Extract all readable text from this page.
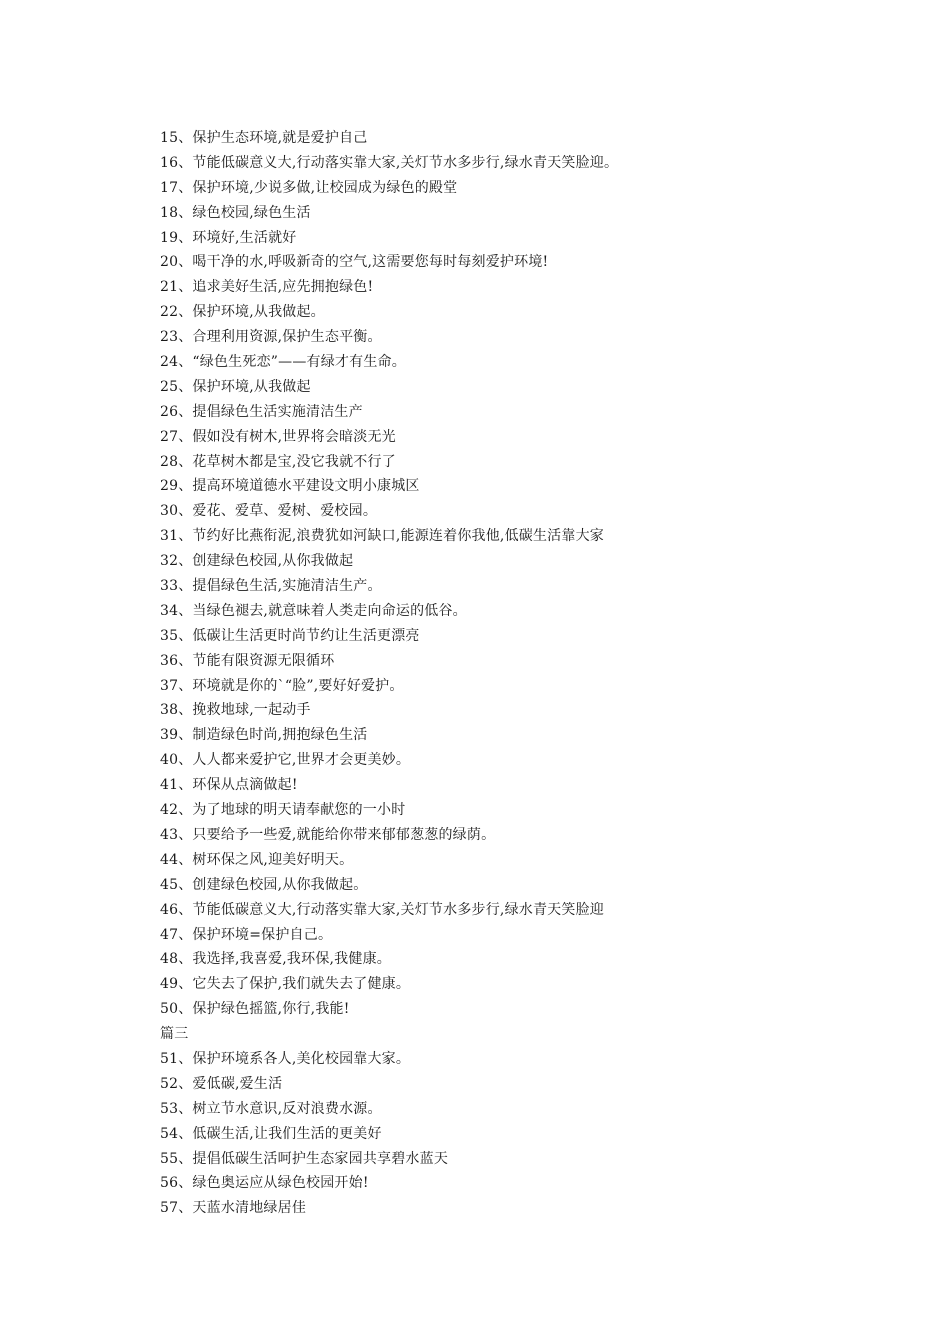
15、保护生态环境,就是爱护自己
16、节能低碳意义大,行动落实靠大家,关灯节水多步行,绿水青天笑脸迎。
17、保护环境,少说多做,让校园成为绿色的殿堂
18、绿色校园,绿色生活
19、环境好,生活就好
20、喝干净的水,呼吸新奇的空气,这需要您每时每刻爱护环境!
21、追求美好生活,应先拥抱绿色!
22、保护环境,从我做起。
23、合理利用资源,保护生态平衡。
24、“绿色生死恋”——有绿才有生命。
25、保护环境,从我做起
26、提倡绿色生活实施清洁生产
27、假如没有树木,世界将会暗淡无光
28、花草树木都是宝,没它我就不行了
29、提高环境道德水平建设文明小康城区
30、爱花、爱草、爱树、爱校园。
31、节约好比燕衔泥,浪费犹如河缺口,能源连着你我他,低碳生活靠大家
32、创建绿色校园,从你我做起
33、提倡绿色生活,实施清洁生产。
34、当绿色褪去,就意味着人类走向命运的低谷。
35、低碳让生活更时尚节约让生活更漂亮
36、节能有限资源无限循环
37、环境就是你的`“脸”,要好好爱护。
38、挽救地球,一起动手
39、制造绿色时尚,拥抱绿色生活
40、人人都来爱护它,世界才会更美妙。
41、环保从点滴做起!
42、为了地球的明天请奉献您的一小时
43、只要给予一些爱,就能给你带来郁郁葱葱的绿荫。
44、树环保之风,迎美好明天。
45、创建绿色校园,从你我做起。
46、节能低碳意义大,行动落实靠大家,关灯节水多步行,绿水青天笑脸迎
47、保护环境=保护自己。
48、我选择,我喜爱,我环保,我健康。
49、它失去了保护,我们就失去了健康。
50、保护绿色摇篮,你行,我能!
篇三
51、保护环境系各人,美化校园靠大家。
52、爱低碳,爱生活
53、树立节水意识,反对浪费水源。
54、低碳生活,让我们生活的更美好
55、提倡低碳生活呵护生态家园共享碧水蓝天
56、绿色奥运应从绿色校园开始!
57、天蓝水清地绿居佳
